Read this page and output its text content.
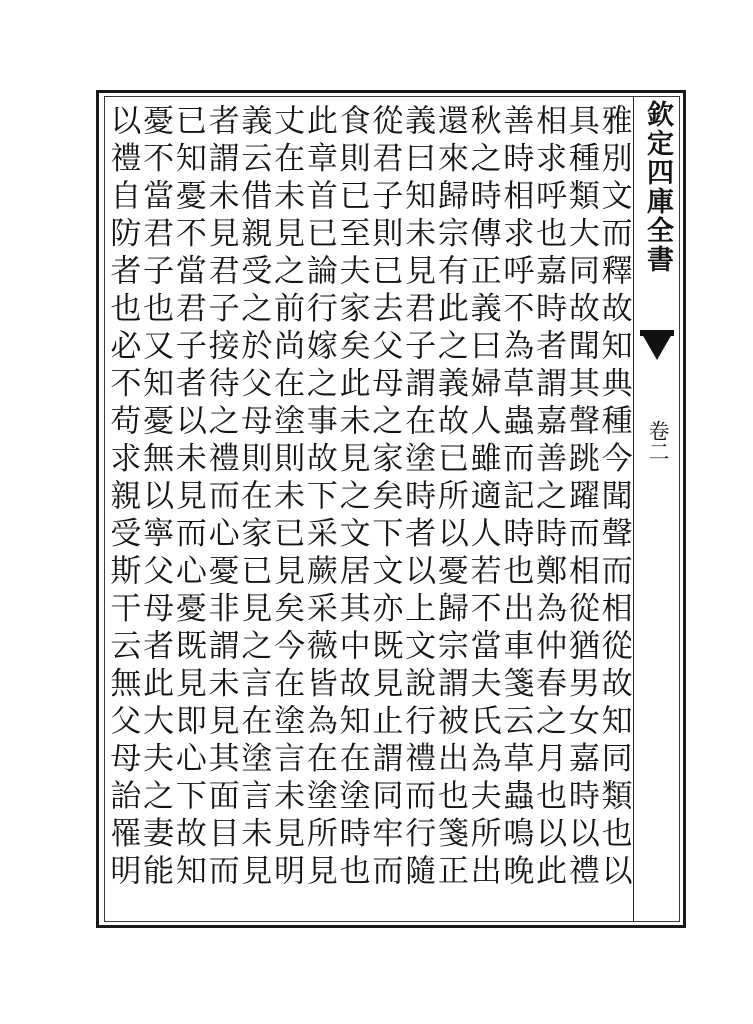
欽定四庫全書
卷二
雅別文而釋故知典種今聞聲而相從故知同類也以
具種類大同故聞其聲跳躍而相從猶男女嘉時以禮
相求呼也嘉時者謂嘉善之時鄭為仲春之月也以此
善時相求呼不為草蟲而記時也出車箋云草蟲鳴晚
秋之時傳正義曰婦人雖適人若不當夫氏為夫所出
還來歸宗有此之義故已所以憂歸宗謂被出也箋正
義曰知未見君子謂在塗時者以上文說行禮而行隨
從君子則已去父母之家矣下文亦既見止謂同牢而
食則已至夫家矣此未見之文居其中故知在塗時也
此章首已論行嫁之事故下采蕨采薇皆為在塗所見
丈在未見之前尚在塗則未已見矣今在塗言未見明
義云借親受之於父母則在家已見之言在塗言未見
者謂未見君子接待之禮而心憂非謂未見其面目而
已知憂不當君子者以未見而心憂既見即心下故知
憂不當君子也又知憂無以寧父母者此大夫之妻能
以禮自防者也必不苟求親受斯干云無父母詒罹明
